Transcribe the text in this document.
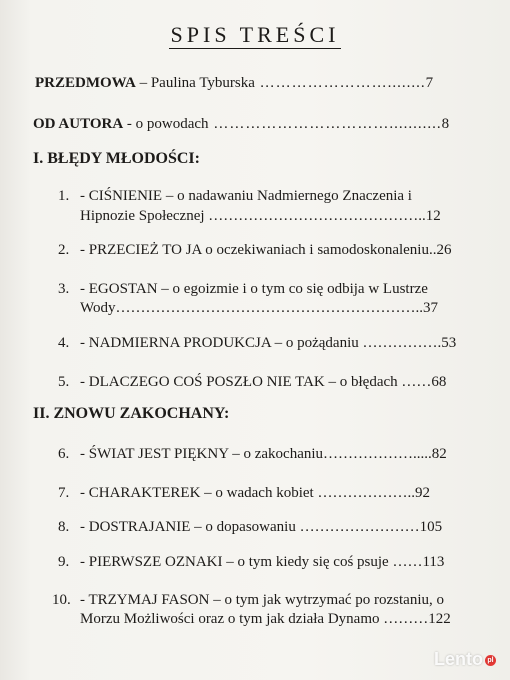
SPIS TREŚCI
PRZEDMOWA – Paulina Tyburska ……………………........7
OD AUTORA - o powodach ……………………………...........8
I. BŁĘDY MŁODOŚCI:
1. - CIŚNIENIE – o nadawaniu Nadmiernego Znaczenia i
Hipnozie Społecznej ……………………………………..12
2. - PRZECIEŻ TO JA o oczekiwaniach i samodoskonaleniu..26
3. - EGOSTAN – o egoizmie i o tym co się odbija w Lustrze
Wody……………………………………………………..37
4. - NADMIERNA PRODUKCJA – o pożądaniu …………….53
5. - DLACZEGO COŚ POSZŁO NIE TAK – o błędach ……68
II. ZNOWU ZAKOCHANY:
6. - ŚWIAT JEST PIĘKNY – o zakochaniu……………….....82
7. - CHARAKTEREK – o wadach kobiet ………………..92
8. - DOSTRAJANIE – o dopasowaniu ……………………105
9. - PIERWSZE OZNAKI – o tym kiedy się coś psuje ……113
10. - TRZYMAJ FASON – o tym jak wytrzymać po rozstaniu, o
Morzu Możliwości oraz o tym jak działa Dynamo ………122
Lento pl
